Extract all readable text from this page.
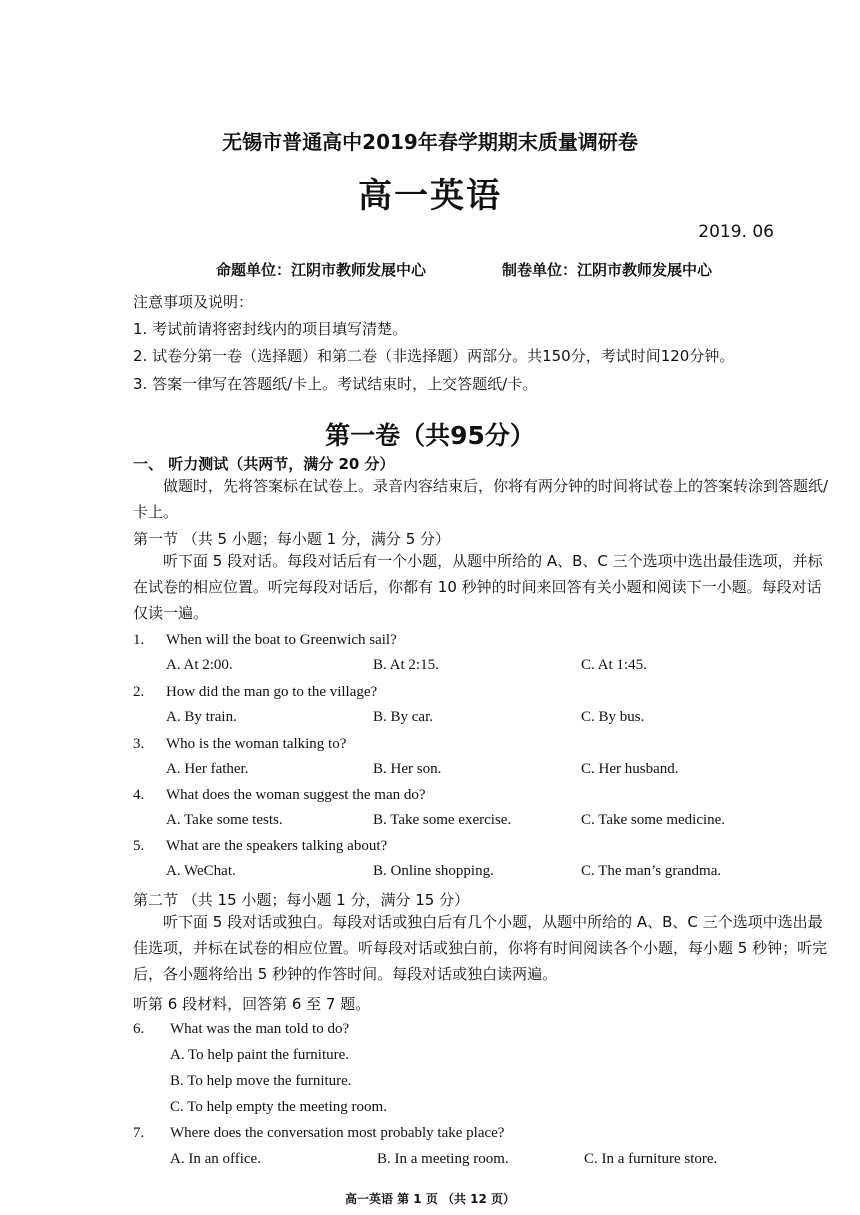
无锡市普通高中2019年春学期期末质量调研卷
高一英语
2019. 06
命题单位：江阴市教师发展中心	制卷单位：江阴市教师发展中心
注意事项及说明：
1. 考试前请将密封线内的项目填写清楚。
2. 试卷分第一卷（选择题）和第二卷（非选择题）两部分。共150分，考试时间120分钟。
3. 答案一律写在答题纸/卡上。考试结束时，上交答题纸/卡。
第一卷（共95分）
一、 听力测试（共两节，满分 20 分）
做题时，先将答案标在试卷上。录音内容结束后，你将有两分钟的时间将试卷上的答案转涂到答题纸/卡上。
第一节 （共 5 小题；每小题 1 分，满分 5 分）
听下面 5 段对话。每段对话后有一个小题，从题中所给的 A、B、C 三个选项中选出最佳选项，并标在试卷的相应位置。听完每段对话后，你都有 10 秒钟的时间来回答有关小题和阅读下一小题。每段对话仅读一遍。
1. When will the boat to Greenwich sail?
A. At 2:00.	B. At 2:15.	C. At 1:45.
2. How did the man go to the village?
A. By train.	B. By car.	C. By bus.
3. Who is the woman talking to?
A. Her father.	B. Her son.	C. Her husband.
4. What does the woman suggest the man do?
A. Take some tests.	B. Take some exercise.	C. Take some medicine.
5. What are the speakers talking about?
A. WeChat.	B. Online shopping.	C. The man’s grandma.
第二节 （共 15 小题；每小题 1 分，满分 15 分）
听下面 5 段对话或独白。每段对话或独白后有几个小题，从题中所给的 A、B、C 三个选项中选出最佳选项，并标在试卷的相应位置。听每段对话或独白前，你将有时间阅读各个小题，每小题 5 秒钟；听完后，各小题将给出 5 秒钟的作答时间。每段对话或独白读两遍。
听第 6 段材料，回答第 6 至 7 题。
6. What was the man told to do?
A. To help paint the furniture.
B. To help move the furniture.
C. To help empty the meeting room.
7. Where does the conversation most probably take place?
A. In an office.	B. In a meeting room.	C. In a furniture store.
高一英语 第 1 页 （共 12 页）
